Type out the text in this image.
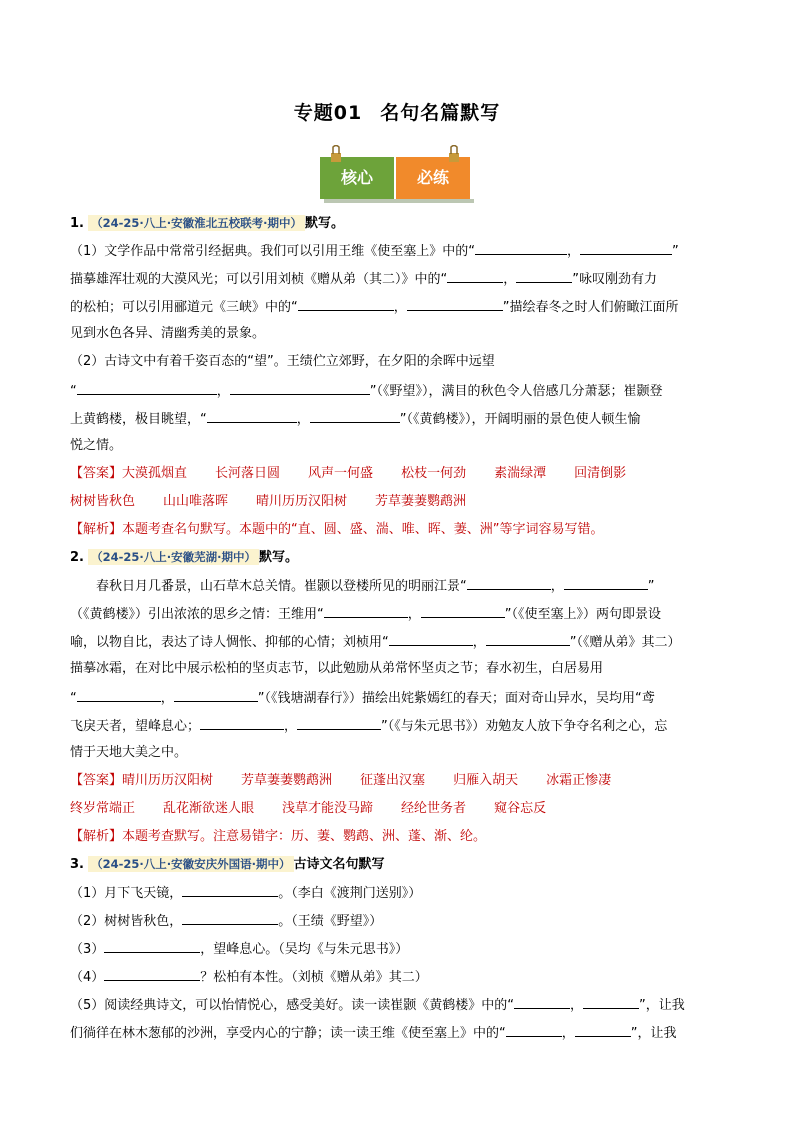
专题01 名句名篇默写
核心	必练
1. （24-25·八上·安徽淮北五校联考·期中） 默写。
（1）文学作品中常常引经据典。我们可以引用王维《使至塞上》中的“	，	”
描摹雄浑壮观的大漠风光；可以引用刘桢《赠从弟（其二）》中的“	，	”咏叹刚劲有力
的松柏；可以引用郦道元《三峡》中的“	，	”描绘春冬之时人们俯瞰江面所
见到水色各异、清幽秀美的景象。
（2）古诗文中有着千姿百态的“望”。王绩伫立郊野，在夕阳的余晖中远望
“	，	”（《野望》），满目的秋色令人倍感几分萧瑟；崔颢登
上黄鹤楼，极目眺望，“	，	”（《黄鹤楼》），开阔明丽的景色使人顿生愉
悦之情。
【答案】大漠孤烟直 长河落日圆 风声一何盛 松枝一何劲 素湍绿潭 回清倒影
树树皆秋色 山山唯落晖 晴川历历汉阳树 芳草萋萋鹦鹉洲
【解析】本题考查名句默写。本题中的“直、圆、盛、湍、唯、晖、萋、洲”等字词容易写错。
2. （24-25·八上·安徽芜湖·期中） 默写。
春秋日月几番景，山石草木总关情。崔颢以登楼所见的明丽江景“	，	”
（《黄鹤楼》）引出浓浓的思乡之情：王维用“	，	”（《使至塞上》）两句即景设
喻，以物自比，表达了诗人惆怅、抑郁的心情；刘桢用“	，	”（《赠从弟》其二）
描摹冰霜，在对比中展示松柏的坚贞志节，以此勉励从弟常怀坚贞之节；春水初生，白居易用
“	，	”（《钱塘湖春行》）描绘出姹紫嫣红的春天；面对奇山异水，吴均用“鸢
飞戾天者，望峰息心；	，	”（《与朱元思书》）劝勉友人放下争夺名利之心，忘
情于天地大美之中。
【答案】晴川历历汉阳树 芳草萋萋鹦鹉洲 征蓬出汉塞 归雁入胡天 冰霜正惨凄
终岁常端正 乱花渐欲迷人眼 浅草才能没马蹄 经纶世务者 窥谷忘反
【解析】本题考查默写。注意易错字：历、萋、鹦鹉、洲、蓬、渐、纶。
3. （24-25·八上·安徽安庆外国语·期中） 古诗文名句默写
（1）月下飞天镜，	。（李白《渡荆门送别》）
（2）树树皆秋色，	。（王绩《野望》）
（3）	，望峰息心。（吴均《与朱元思书》）
（4）	？松柏有本性。（刘桢《赠从弟》其二）
（5）阅读经典诗文，可以怡情悦心，感受美好。读一读崔颢《黄鹤楼》中的“	，	”，让我
们徜徉在林木葱郁的沙洲，享受内心的宁静；读一读王维《使至塞上》中的“	，	”，让我
